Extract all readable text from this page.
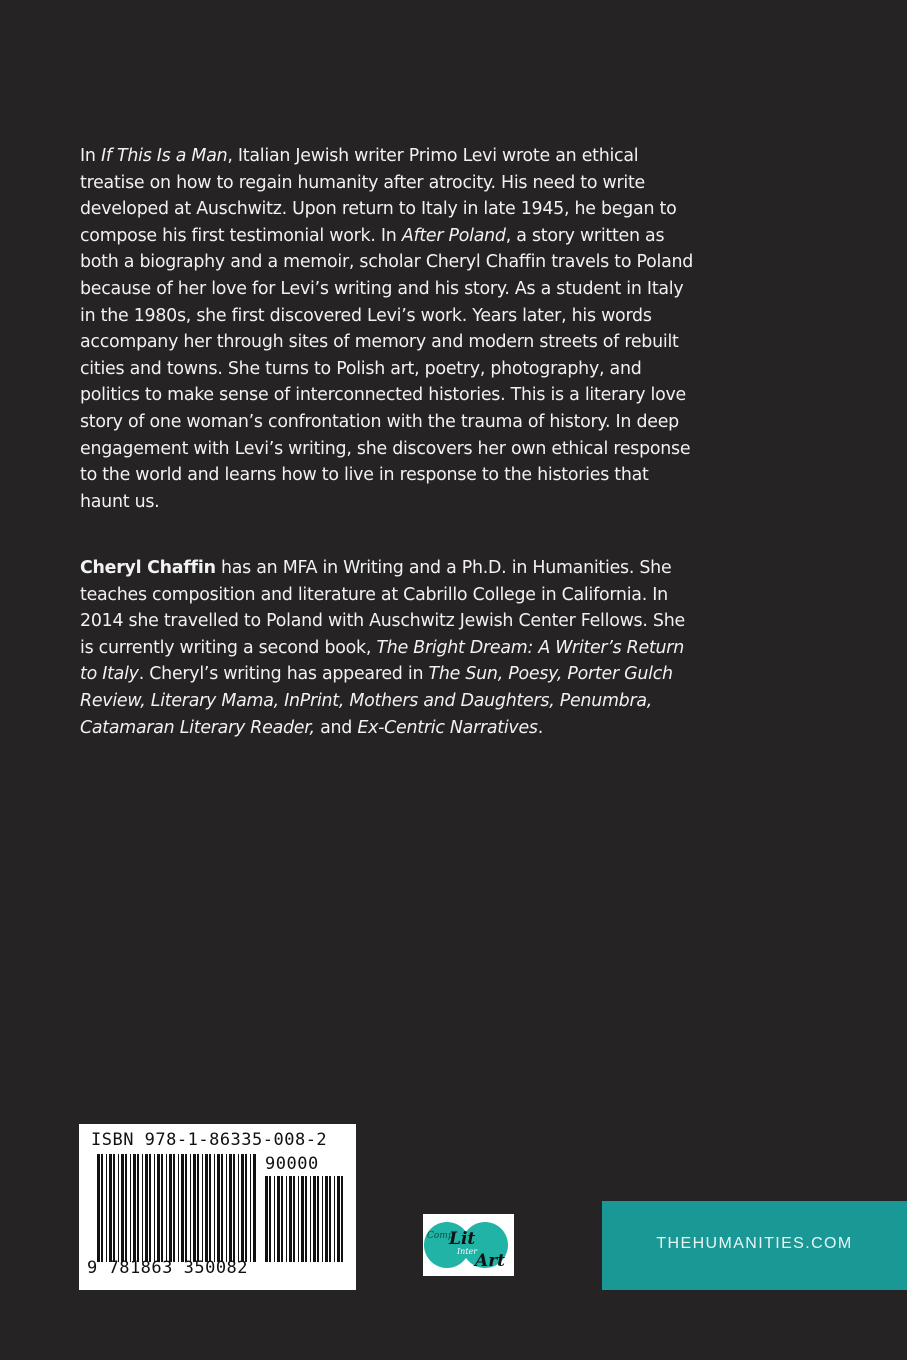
In If This Is a Man, Italian Jewish writer Primo Levi wrote an ethical treatise on how to regain humanity after atrocity. His need to write developed at Auschwitz. Upon return to Italy in late 1945, he began to compose his first testimonial work. In After Poland, a story written as both a biography and a memoir, scholar Cheryl Chaffin travels to Poland because of her love for Levi’s writing and his story. As a student in Italy in the 1980s, she first discovered Levi’s work. Years later, his words accompany her through sites of memory and modern streets of rebuilt cities and towns. She turns to Polish art, poetry, photography, and politics to make sense of interconnected histories. This is a literary love story of one woman’s confrontation with the trauma of history. In deep engagement with Levi’s writing, she discovers her own ethical response to the world and learns how to live in response to the histories that haunt us.

Cheryl Chaffin has an MFA in Writing and a Ph.D. in Humanities. She teaches composition and literature at Cabrillo College in California. In 2014 she travelled to Poland with Auschwitz Jewish Center Fellows. She is currently writing a second book, The Bright Dream: A Writer’s Return to Italy. Cheryl’s writing has appeared in The Sun, Poesy, Porter Gulch Review, Literary Mama, InPrint, Mothers and Daughters, Penumbra, Catamaran Literary Reader, and Ex-Centric Narratives.

ISBN 978-1-86335-008-2
90000
9 781863 350082
Comp
Lit
Inter
Art
THEHUMANITIES.COM
